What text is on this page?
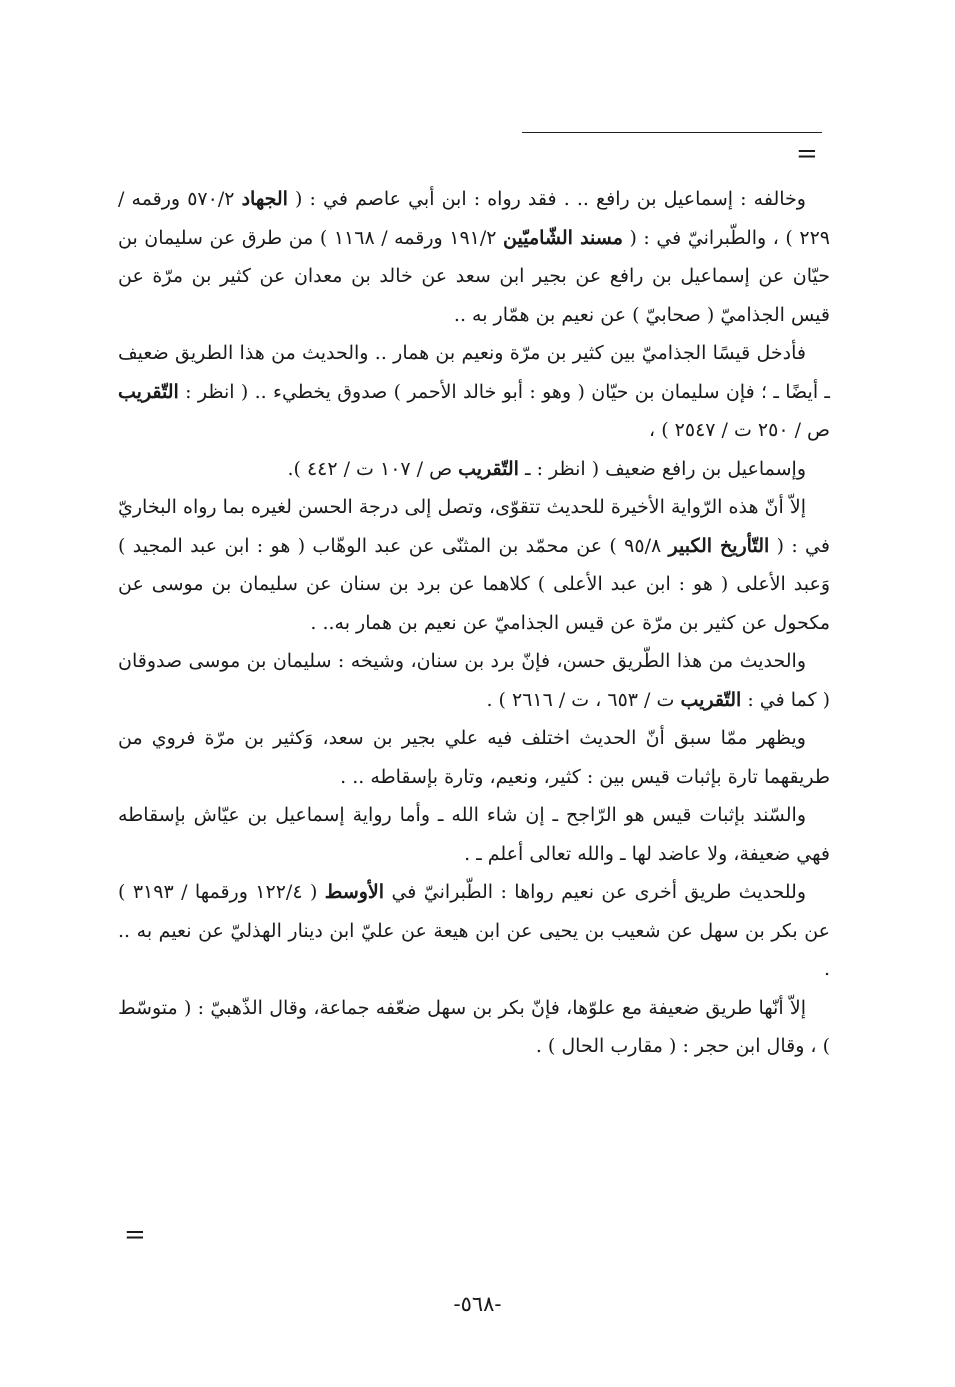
=

وخالفه : إسماعيل بن رافع .. . فقد رواه : ابن أبي عاصم في : ( الجهاد ٥٧٠/٢ ورقمه / ٢٢٩ ) ، والطّبرانيّ في : ( مسند الشّاميّين ١٩١/٢ ورقمه / ١١٦٨ ) من طرق عن سليمان بن حيّان عن إسماعيل بن رافع عن بجير ابن سعد عن خالد بن معدان عن كثير بن مرّة عن قيس الجذاميّ ( صحابيّ ) عن نعيم بن همّار به ..

فأدخل قيسًا الجذاميّ بين كثير بن مرّة ونعيم بن همار .. والحديث من هذا الطريق ضعيف ـ أيضًا ـ ؛ فإن سليمان بن حيّان ( وهو : أبو خالد الأحمر ) صدوق يخطيء .. ( انظر : التّقريب ص / ٢٥٠ ت / ٢٥٤٧ ) ،

وإسماعيل بن رافع ضعيف ( انظر : ـ التّقريب ص / ١٠٧ ت / ٤٤٢ ).

إلاّ أنّ هذه الرّواية الأخيرة للحديث تتقوّى، وتصل إلى درجة الحسن لغيره بما رواه البخاريّ في : ( التّأريخ الكبير ٩٥/٨ ) عن محمّد بن المثنّى عن عبد الوهّاب ( هو : ابن عبد المجيد ) وَعبد الأعلى ( هو : ابن عبد الأعلى ) كلاهما عن برد بن سنان عن سليمان بن موسى عن مكحول عن كثير بن مرّة عن قيس الجذاميّ عن نعيم بن همار به.. .

والحديث من هذا الطّريق حسن، فإنّ برد بن سنان، وشيخه : سليمان بن موسى صدوقان ( كما في : التّقريب ت / ٦٥٣ ، ت / ٢٦١٦ ) .

ويظهر ممّا سبق أنّ الحديث اختلف فيه علي بجير بن سعد، وَكثير بن مرّة فروي من طريقهما تارة بإثبات قيس بين : كثير، ونعيم، وتارة بإسقاطه .. .

والسّند بإثبات قيس هو الرّاجح ـ إن شاء الله ـ وأما رواية إسماعيل بن عيّاش بإسقاطه فهي ضعيفة، ولا عاضد لها ـ والله تعالى أعلم ـ .

وللحديث طريق أخرى عن نعيم رواها : الطّبرانيّ في الأوسط ( ١٢٢/٤ ورقمها / ٣١٩٣ ) عن بكر بن سهل عن شعيب بن يحيى عن ابن هيعة عن عليّ ابن دينار الهذليّ عن نعيم به .. .

إلاّ أنّها طريق ضعيفة مع علوّها، فإنّ بكر بن سهل ضعّفه جماعة، وقال الذّهبيّ : ( متوسّط ) ، وقال ابن حجر : ( مقارب الحال ) .

=
-٥٦٨-
